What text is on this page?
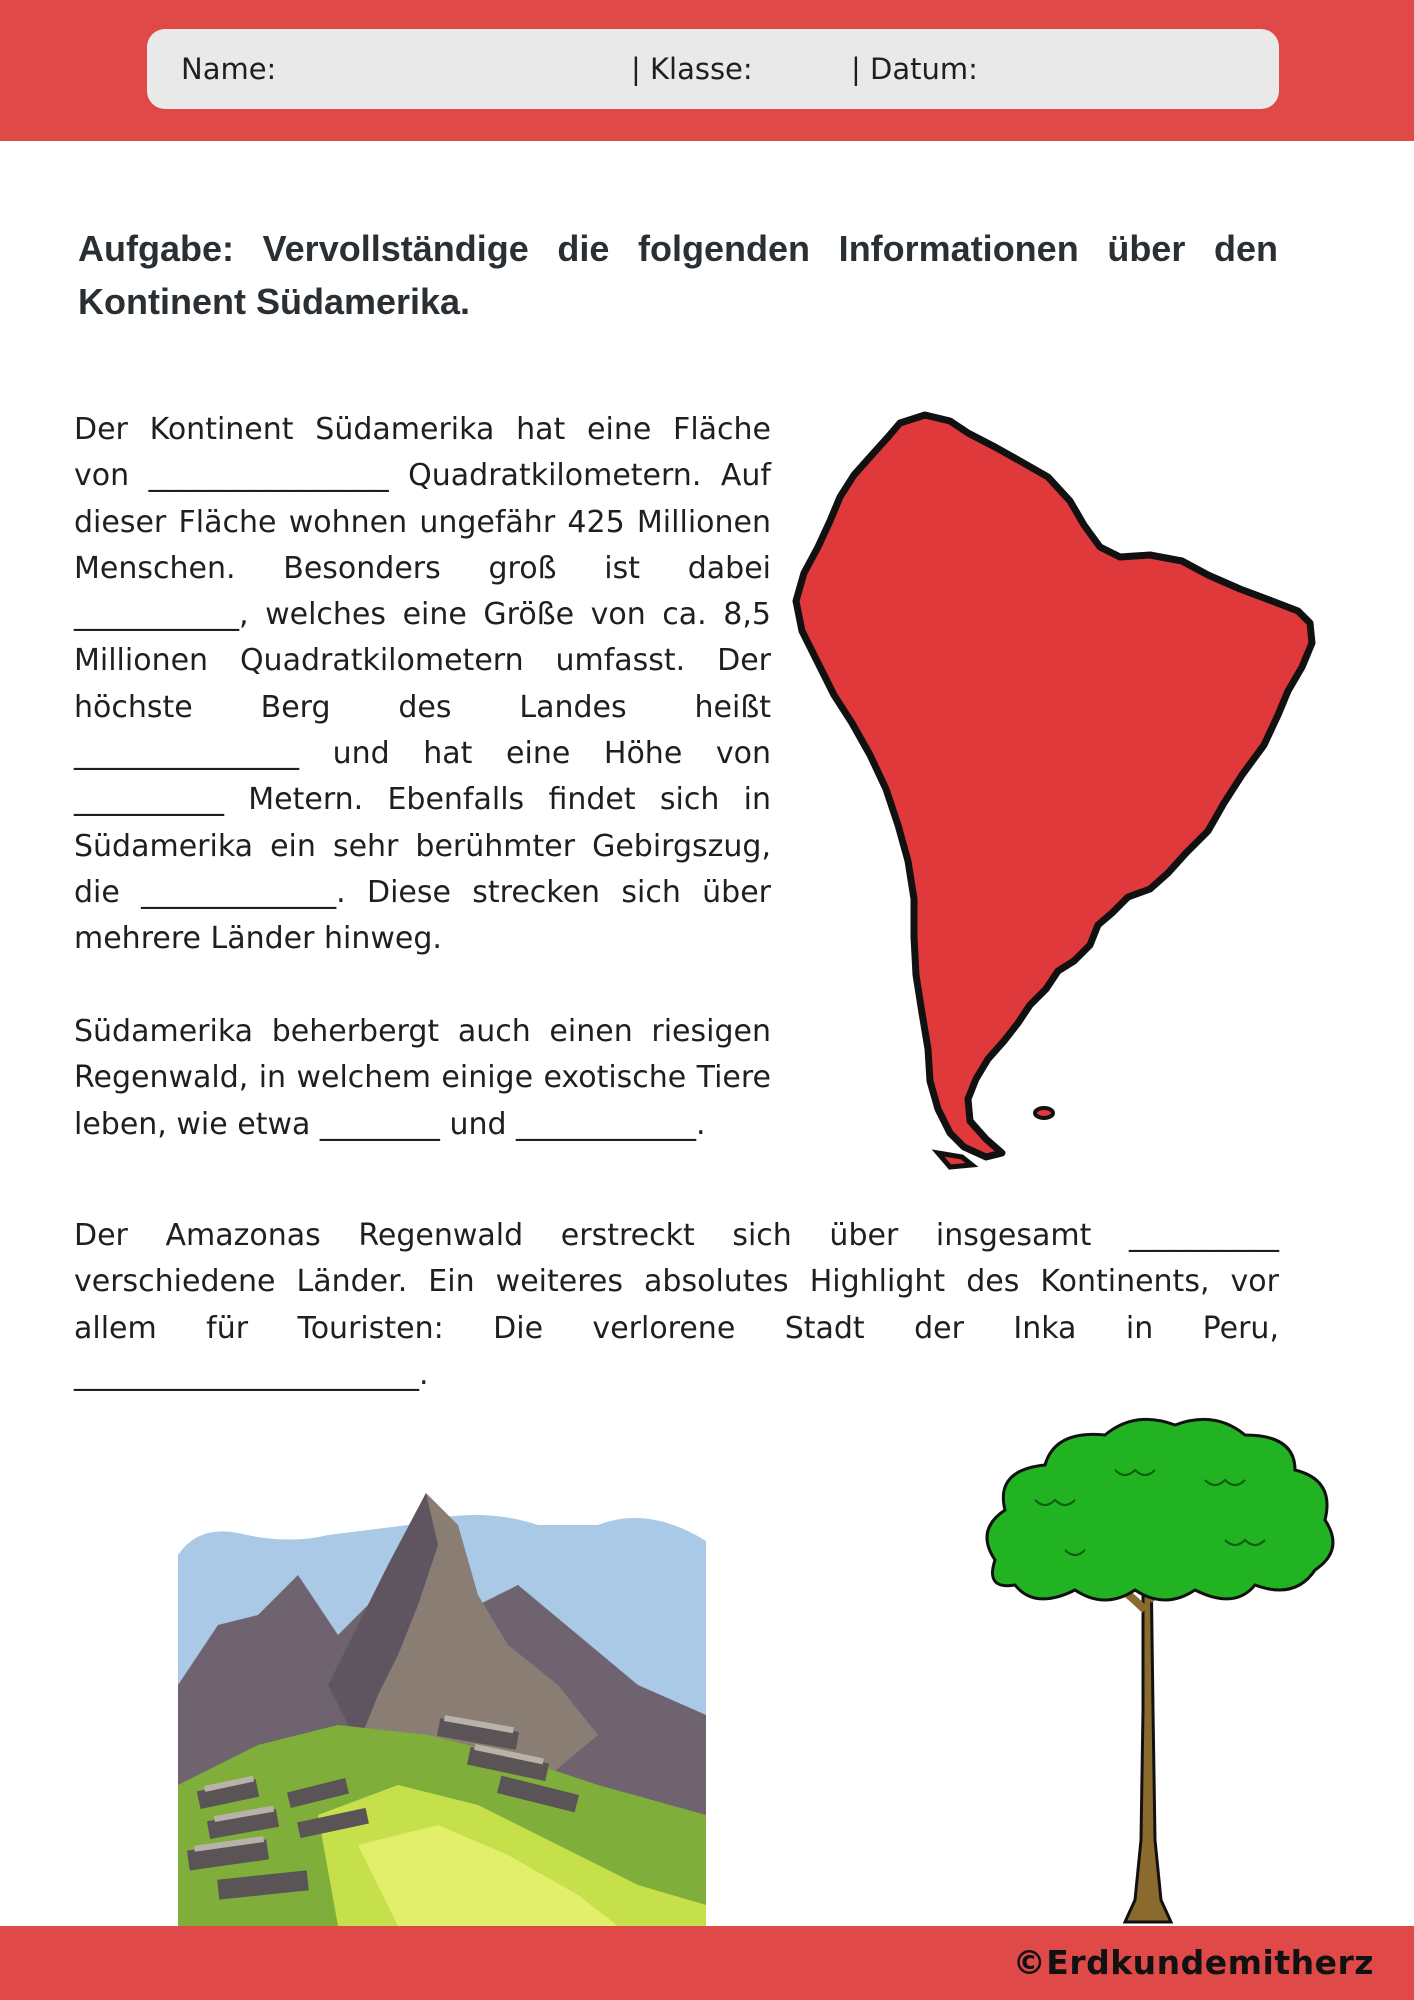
Name:	| Klasse:	| Datum:
Aufgabe: Vervollständige die folgenden Informationen über den Kontinent Südamerika.
Der Kontinent Südamerika hat eine Fläche von ________________ Quadratkilometern. Auf dieser Fläche wohnen ungefähr 425 Millionen Menschen. Besonders groß ist dabei ___________, welches eine Größe von ca. 8,5 Millionen Quadratkilometern umfasst. Der höchste Berg des Landes heißt _______________ und hat eine Höhe von __________ Metern. Ebenfalls findet sich in Südamerika ein sehr berühmter Gebirgszug, die _____________. Diese strecken sich über mehrere Länder hinweg.
Südamerika beherbergt auch einen riesigen Regenwald, in welchem einige exotische Tiere leben, wie etwa ________ und ____________.
Der Amazonas Regenwald erstreckt sich über insgesamt __________ verschiedene Länder. Ein weiteres absolutes Highlight des Kontinents, vor allem für Touristen: Die verlorene Stadt der Inka in Peru, _______________________.
©Erdkundemitherz
